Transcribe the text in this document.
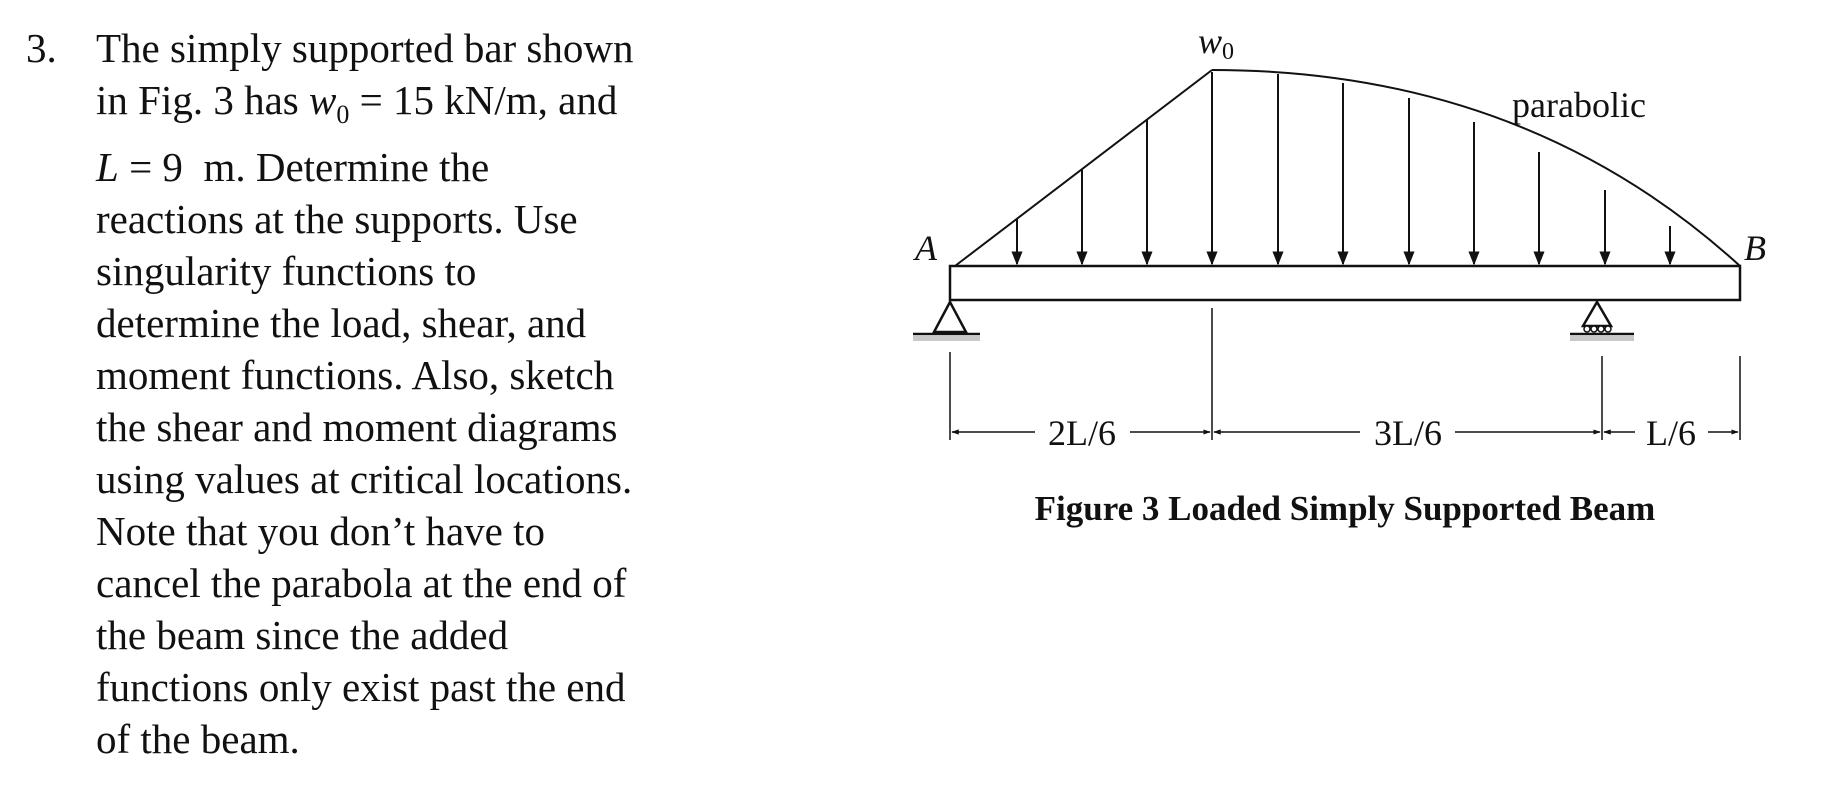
3. The simply supported bar shown
in Fig. 3 has $w_0 = 15$ kN/m, and
L = 9 m. Determine the
reactions at the supports. Use
singularity functions to
determine the load, shear, and
moment functions. Also, sketch
the shear and moment diagrams
using values at critical locations.
Note that you don’t have to
cancel the parabola at the end of
the beam since the added
functions only exist past the end
of the beam.
w0
parabolic
A	B
2L/6	3L/6	L/6
Figure 3 Loaded Simply Supported Beam
